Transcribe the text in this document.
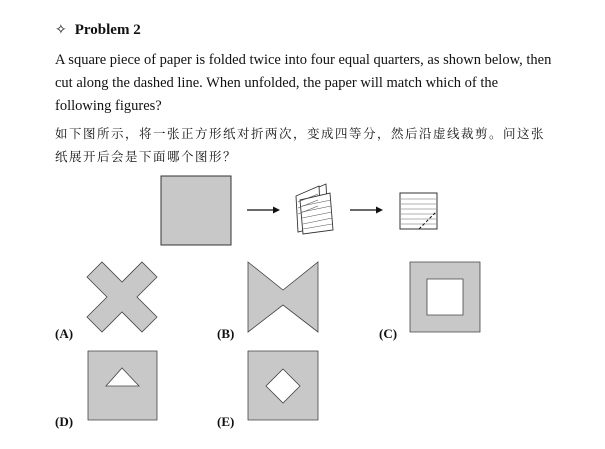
✧ Problem 2
A square piece of paper is folded twice into four equal quarters, as shown below, then cut along the dashed line. When unfolded, the paper will match which of the following figures?
如下图所示，将一张正方形纸对折两次，变成四等分，然后沿虚线裁剪。问这张纸展开后会是下面哪个图形？
(A)	(B)	(C)
(D)	(E)
